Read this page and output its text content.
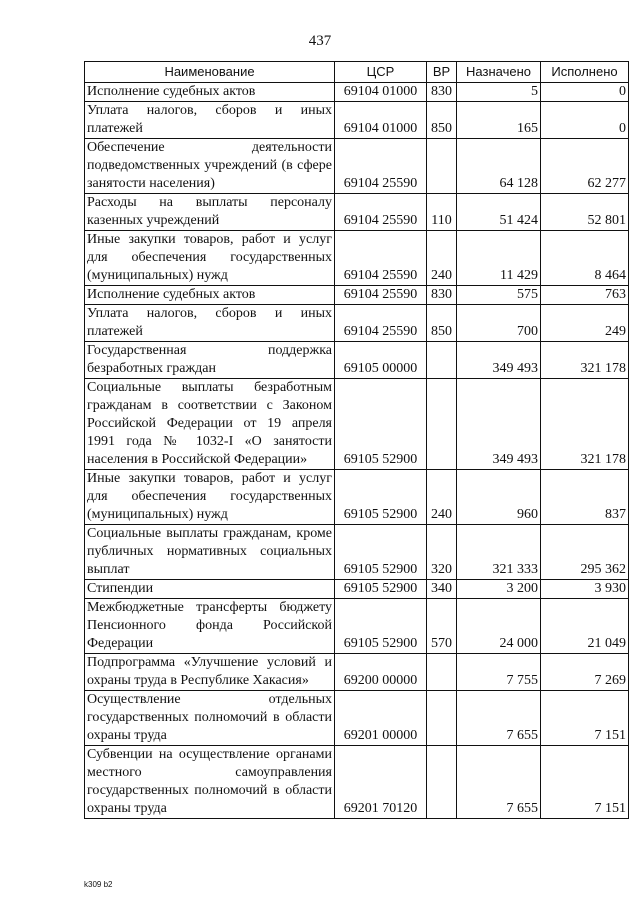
437
Наименование	ЦСР	ВР	Назначено	Исполнено
Исполнение судебных актов	69104 01000	830	5	0
Уплата налогов, сборов и иных платежей	69104 01000	850	165	0
Обеспечение деятельности подведомственных учреждений (в сфере занятости населения)	69104 25590		64 128	62 277
Расходы на выплаты персоналу казенных учреждений	69104 25590	110	51 424	52 801
Иные закупки товаров, работ и услуг для обеспечения государственных (муниципальных) нужд	69104 25590	240	11 429	8 464
Исполнение судебных актов	69104 25590	830	575	763
Уплата налогов, сборов и иных платежей	69104 25590	850	700	249
Государственная поддержка безработных граждан	69105 00000		349 493	321 178
Социальные выплаты безработным гражданам в соответствии с Законом Российской Федерации от 19 апреля 1991 года № 1032-I «О занятости населения в Российской Федерации»	69105 52900		349 493	321 178
Иные закупки товаров, работ и услуг для обеспечения государственных (муниципальных) нужд	69105 52900	240	960	837
Социальные выплаты гражданам, кроме публичных нормативных социальных выплат	69105 52900	320	321 333	295 362
Стипендии	69105 52900	340	3 200	3 930
Межбюджетные трансферты бюджету Пенсионного фонда Российской Федерации	69105 52900	570	24 000	21 049
Подпрограмма «Улучшение условий и охраны труда в Республике Хакасия»	69200 00000		7 755	7 269
Осуществление отдельных государственных полномочий в области охраны труда	69201 00000		7 655	7 151
Субвенции на осуществление органами местного самоуправления государственных полномочий в области охраны труда	69201 70120		7 655	7 151
k309 b2
